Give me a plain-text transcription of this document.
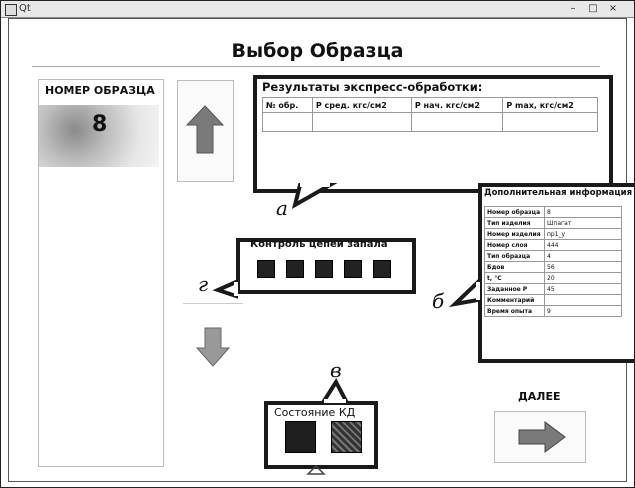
Qt	–	□ ×
Выбор Образца
НОМЕР ОБРАЗЦА
8
Результаты экспресс-обработки:
№ обр.	P сред. кгс/см2	P нач. кгс/см2	P max, кгс/см2

Контроль цепей запала
Дополнительная информация
Номер образца	8
Тип изделия	Шпагат
Номер изделия	пр1_у
Номер слоя	444
Тип образца	4
Бдов	56
t, °C	20
Заданное P	45
Комментарий	
Время опыта	9
Состояние КД
ДАЛЕЕ
а
г
б
в
